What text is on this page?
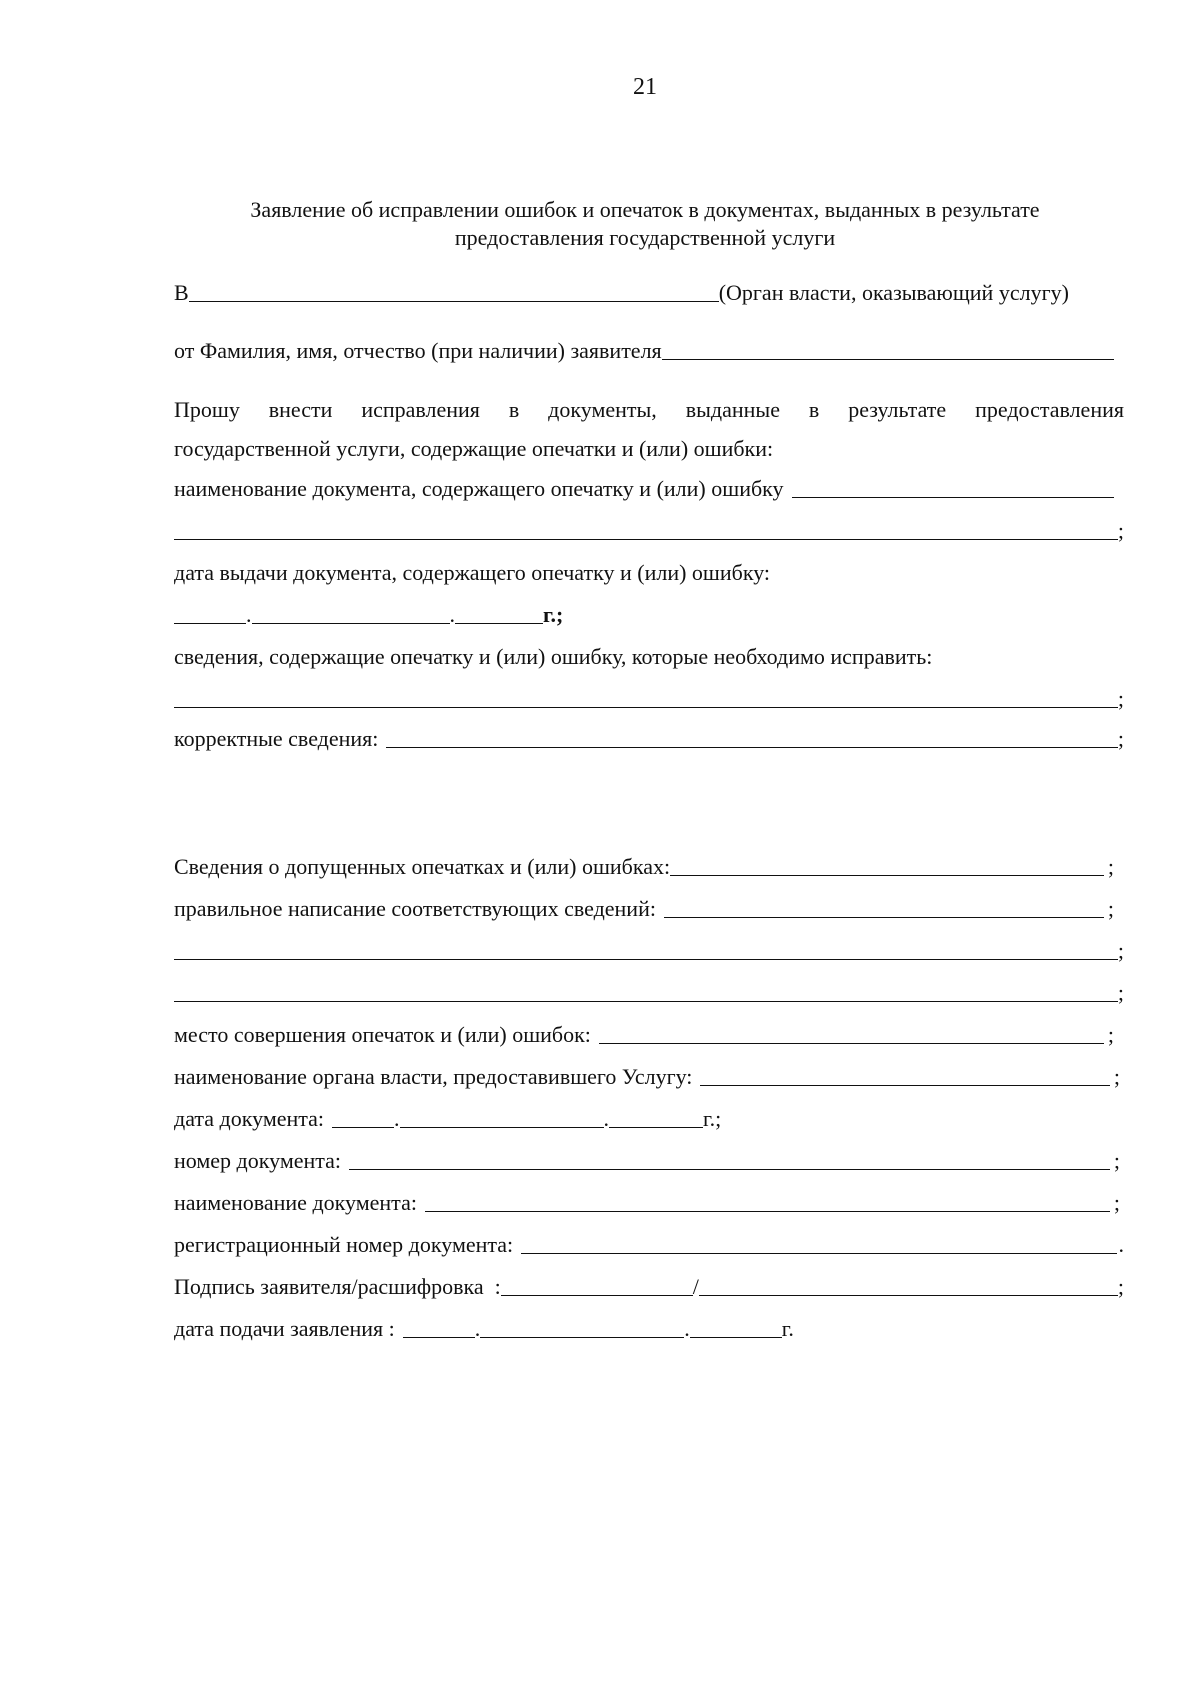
21
Заявление об исправлении ошибок и опечаток в документах, выданных в результате
предоставления государственной услуги
В	(Орган власти, оказывающий услугу)
от Фамилия, имя, отчество (при наличии) заявителя
Прошу внести исправления в документы, выданные в результате предоставления
государственной услуги, содержащие опечатки и (или) ошибки:
наименование документа, содержащего опечатку и (или) ошибку
;
дата выдачи документа, содержащего опечатку и (или) ошибку:
.	.	г.;
сведения, содержащие опечатку и (или) ошибку, которые необходимо исправить:
;
корректные сведения:	;
Сведения о допущенных опечатках и (или) ошибках:	;
правильное написание соответствующих сведений:	;
;
;
место совершения опечаток и (или) ошибок:	;
наименование органа власти, предоставившего Услугу:	;
дата документа:	.	.	г.;
номер документа:	;
наименование документа:	;
регистрационный номер документа:	.
Подпись заявителя/расшифровка  :	/	;
дата подачи заявления :	.	.	г.
